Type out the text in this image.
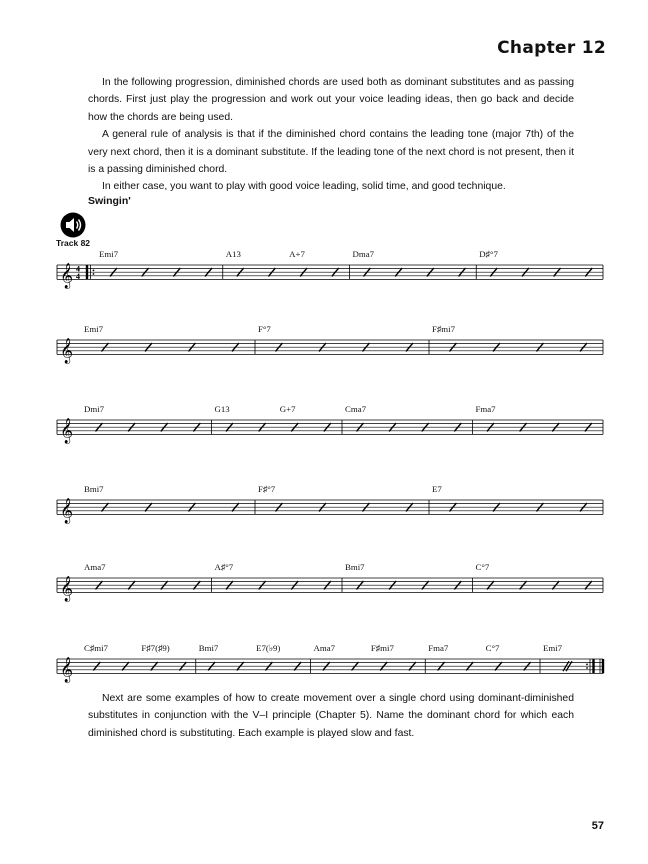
Chapter 12

In the following progression, diminished chords are used both as dominant substitutes and as passing chords. First just play the progression and work out your voice leading ideas, then go back and decide how the chords are being used.

A general rule of analysis is that if the diminished chord contains the leading tone (major 7th) of the very next chord, then it is a dominant substitute. If the leading tone of the next chord is not present, then it is a passing diminished chord.

In either case, you want to play with good voice leading, solid time, and good technique.

Swingin'
Track 82
𝄞 4
4
Emi7	A13	A+7	Dma7	D♯°7
𝄞
Emi7	F°7	F♯mi7
𝄞
Dmi7	G13	G+7	Cma7	Fma7
𝄞
Bmi7	F♯°7	E7
𝄞
Ama7	A♯°7	Bmi7	C°7
𝄞
C♯mi7	F♯7(♯9)	Bmi7	E7(♭9)	Ama7	F♯mi7	Fma7	C°7	Emi7

Next are some examples of how to create movement over a single chord using dominant-diminished substitutes in conjunction with the V–I principle (Chapter 5). Name the dominant chord for which each diminished chord is substituting. Each example is played slow and fast.

57
